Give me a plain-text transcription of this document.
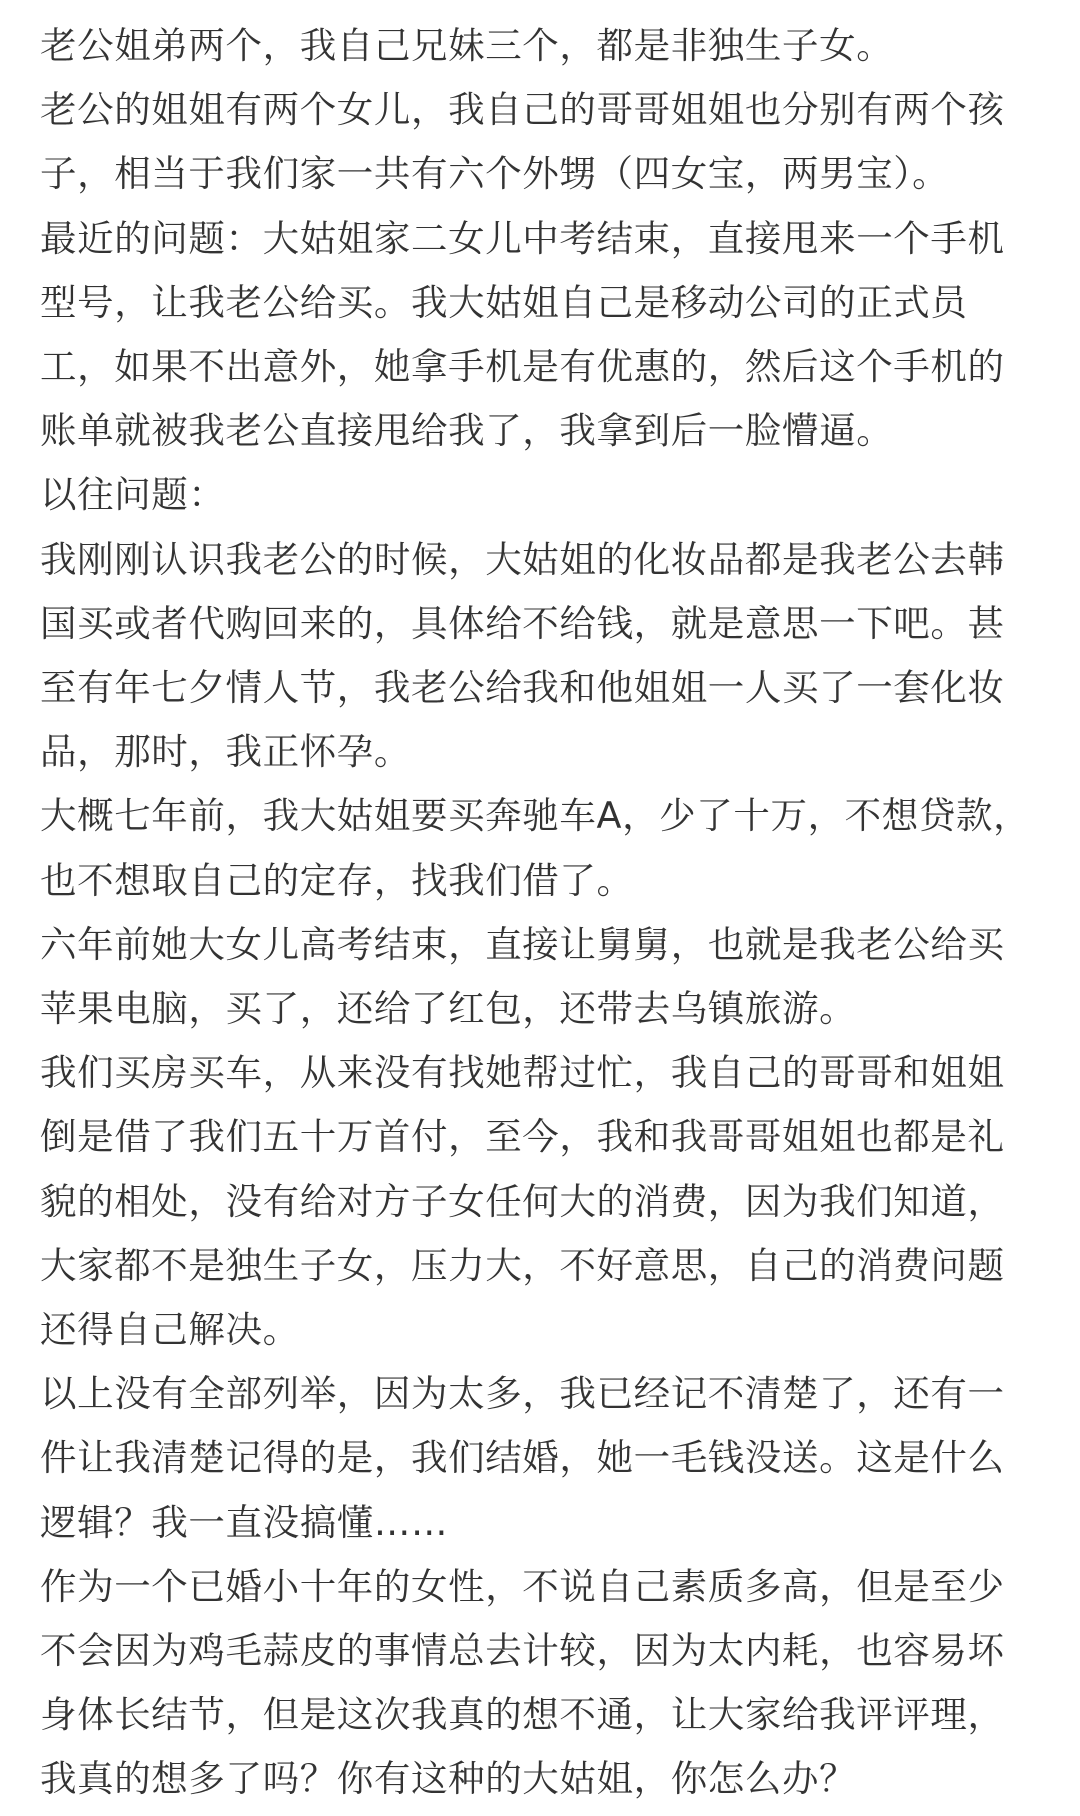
老公姐弟两个，我自己兄妹三个，都是非独生子女。

老公的姐姐有两个女儿，我自己的哥哥姐姐也分别有两个孩子，相当于我们家一共有六个外甥（四女宝，两男宝）。

最近的问题：大姑姐家二女儿中考结束，直接甩来一个手机型号，让我老公给买。我大姑姐自己是移动公司的正式员工，如果不出意外，她拿手机是有优惠的，然后这个手机的账单就被我老公直接甩给我了，我拿到后一脸懵逼。

以往问题：

我刚刚认识我老公的时候，大姑姐的化妆品都是我老公去韩国买或者代购回来的，具体给不给钱，就是意思一下吧。甚至有年七夕情人节，我老公给我和他姐姐一人买了一套化妆品，那时，我正怀孕。

大概七年前，我大姑姐要买奔驰车A，少了十万，不想贷款，也不想取自己的定存，找我们借了。

六年前她大女儿高考结束，直接让舅舅，也就是我老公给买苹果电脑，买了，还给了红包，还带去乌镇旅游。

我们买房买车，从来没有找她帮过忙，我自己的哥哥和姐姐倒是借了我们五十万首付，至今，我和我哥哥姐姐也都是礼貌的相处，没有给对方子女任何大的消费，因为我们知道，大家都不是独生子女，压力大，不好意思，自己的消费问题还得自己解决。

以上没有全部列举，因为太多，我已经记不清楚了，还有一件让我清楚记得的是，我们结婚，她一毛钱没送。这是什么逻辑？我一直没搞懂……

作为一个已婚小十年的女性，不说自己素质多高，但是至少不会因为鸡毛蒜皮的事情总去计较，因为太内耗，也容易坏身体长结节，但是这次我真的想不通，让大家给我评评理，我真的想多了吗？你有这种的大姑姐，你怎么办？
